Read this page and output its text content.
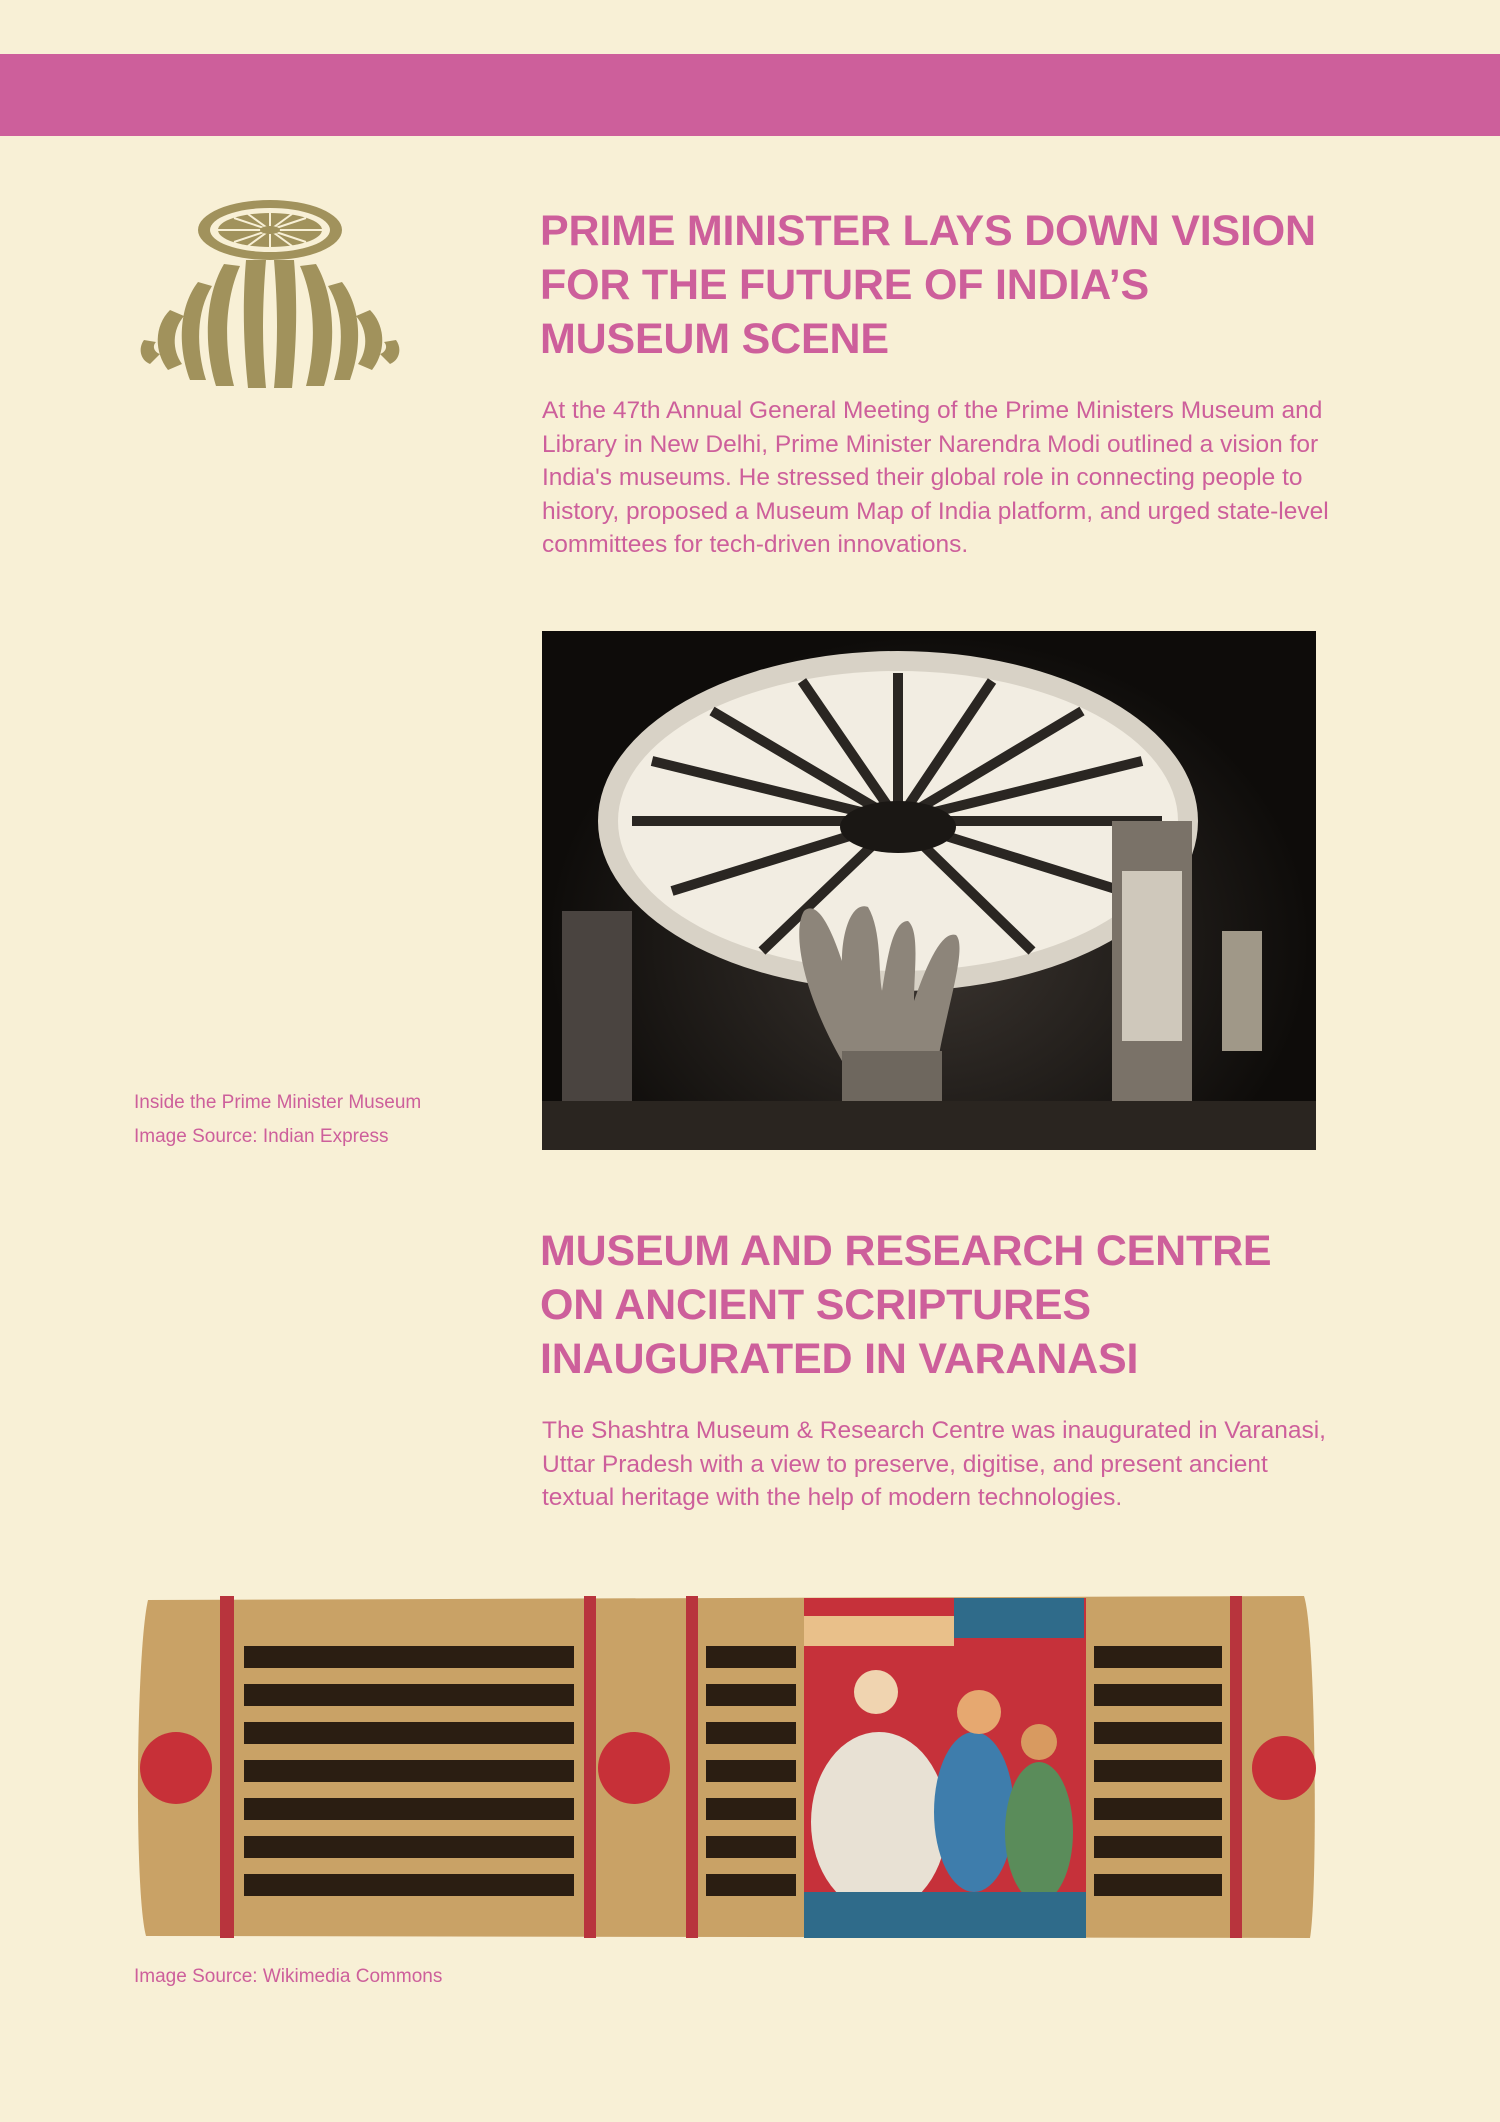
PRIME MINISTER LAYS DOWN VISION FOR THE FUTURE OF INDIA’S MUSEUM SCENE

At the 47th Annual General Meeting of the Prime Ministers Museum and Library in New Delhi, Prime Minister Narendra Modi outlined a vision for India's museums. He stressed their global role in connecting people to history, proposed a Museum Map of India platform, and urged state-level committees for tech-driven innovations.

Inside the Prime Minister Museum

Image Source: Indian Express

MUSEUM AND RESEARCH CENTRE ON ANCIENT SCRIPTURES INAUGURATED IN VARANASI

The Shashtra Museum & Research Centre was inaugurated in Varanasi, Uttar Pradesh with a view to preserve, digitise, and present ancient textual heritage with the help of modern technologies.

Image Source: Wikimedia Commons
